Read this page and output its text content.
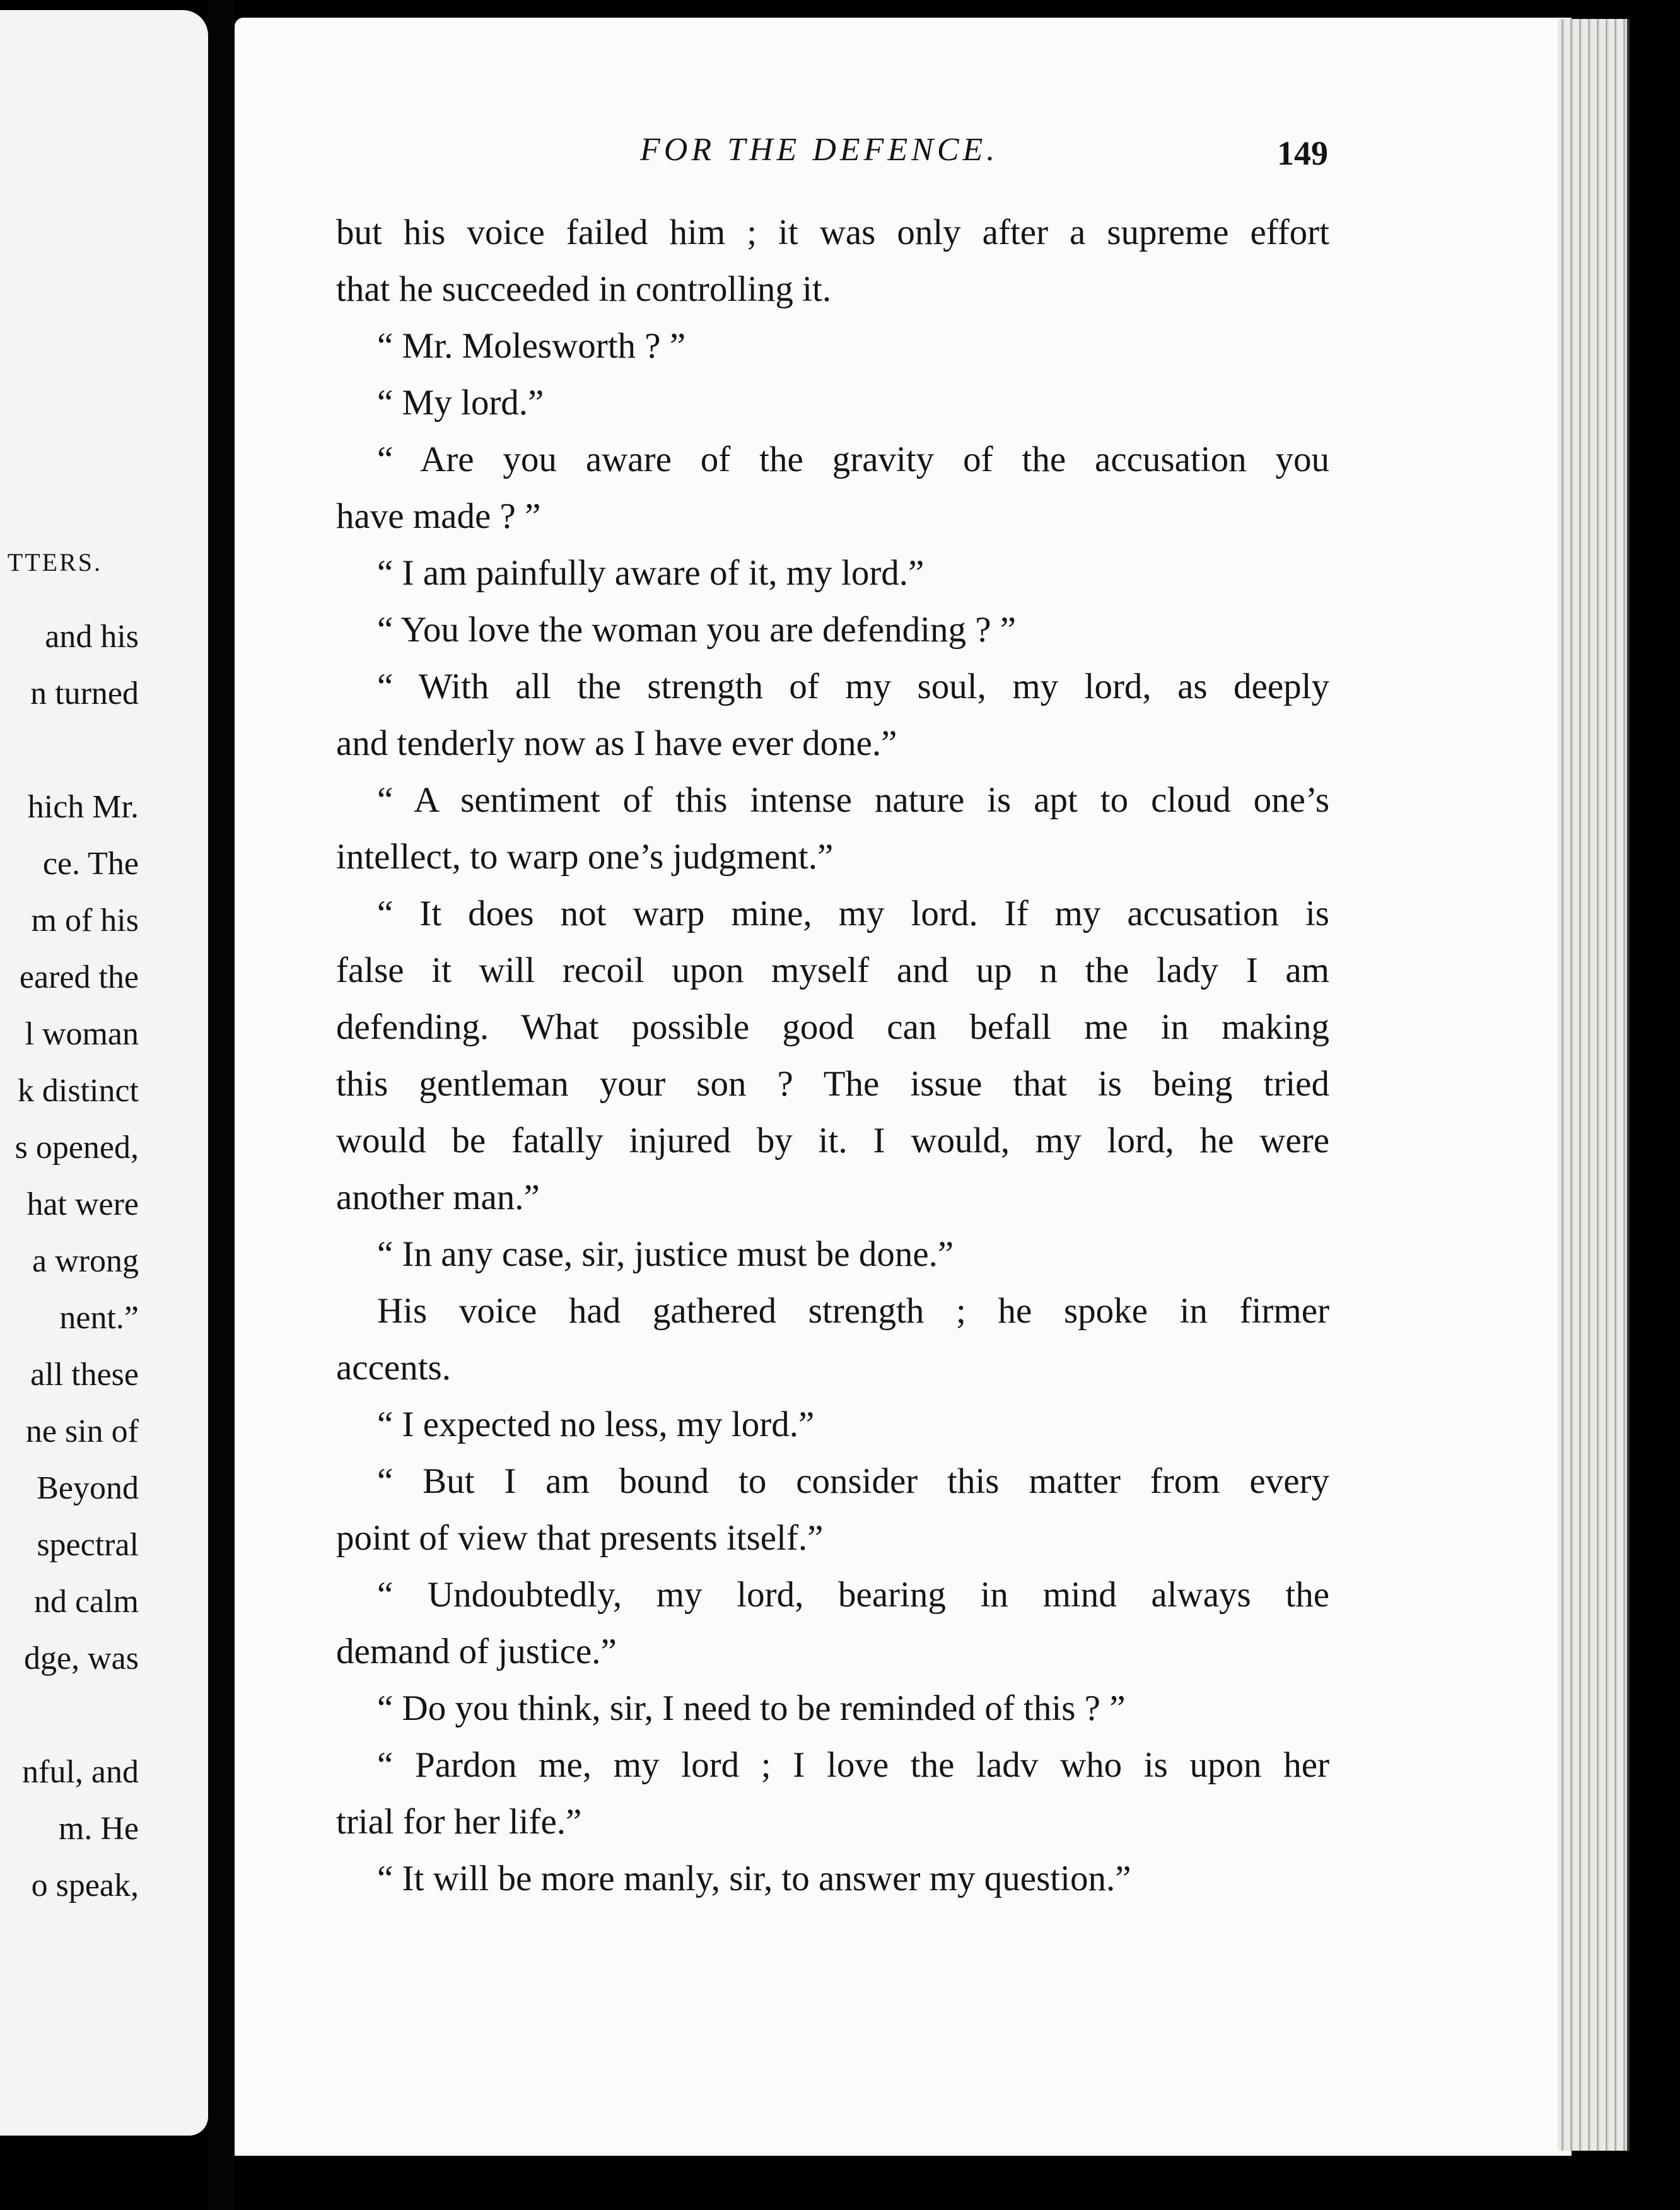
TTERS.
and his
n turned
hich Mr.
ce. The
m of his
eared the
l woman
k distinct
s opened,
hat were
a wrong
nent.”
all these
ne sin of
Beyond
spectral
nd calm
dge, was
nful, and
m. He
o speak,
FOR THE DEFENCE.	149
but his voice failed him ; it was only after a supreme effort
that he succeeded in controlling it.
“ Mr. Molesworth ? ”
“ My lord.”
“ Are you aware of the gravity of the accusation you
have made ? ”
“ I am painfully aware of it, my lord.”
“ You love the woman you are defending ? ”
“ With all the strength of my soul, my lord, as deeply
and tenderly now as I have ever done.”
“ A sentiment of this intense nature is apt to cloud one’s
intellect, to warp one’s judgment.”
“ It does not warp mine, my lord. If my accusation is
false it will recoil upon myself and up n the lady I am
defending. What possible good can befall me in making
this gentleman your son ? The issue that is being tried
would be fatally injured by it. I would, my lord, he were
another man.”
“ In any case, sir, justice must be done.”
His voice had gathered strength ; he spoke in firmer
accents.
“ I expected no less, my lord.”
“ But I am bound to consider this matter from every
point of view that presents itself.”
“ Undoubtedly, my lord, bearing in mind always the
demand of justice.”
“ Do you think, sir, I need to be reminded of this ? ”
“ Pardon me, my lord ; I love the ladv who is upon her
trial for her life.”
“ It will be more manly, sir, to answer my question.”
